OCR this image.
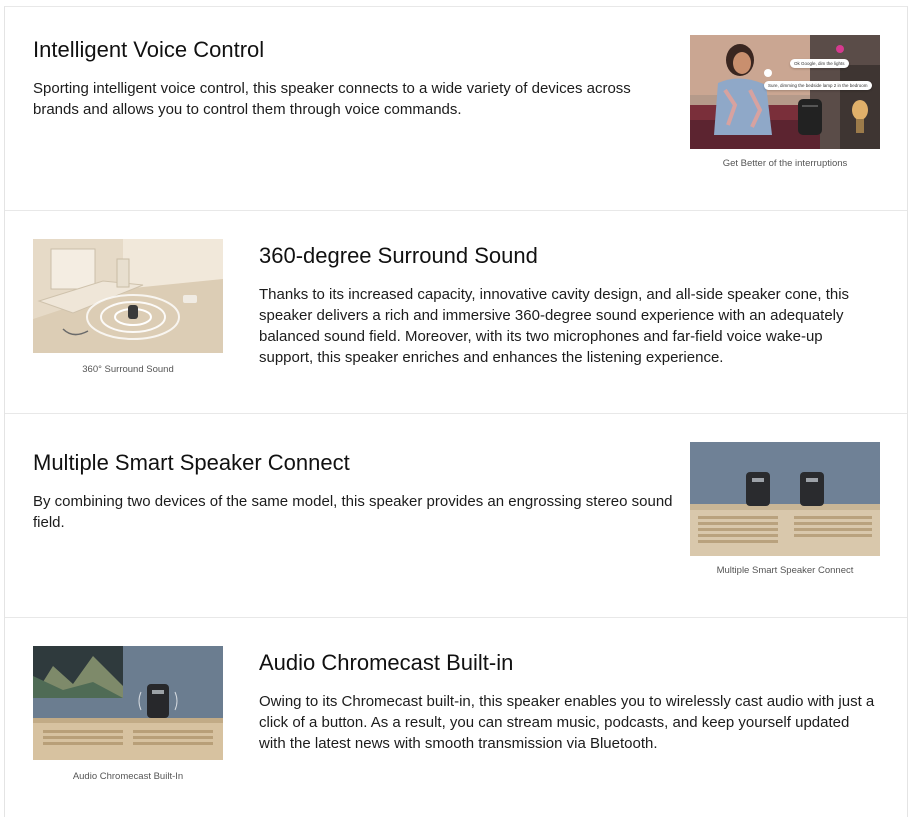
Intelligent Voice Control
Sporting intelligent voice control, this speaker connects to a wide variety of devices across brands and allows you to control them through voice commands.
Ok Google, dim the lights
Sure, dimming the bedside lamp 2 in the bedroom
Get Better of the interruptions
360° Surround Sound
360-degree Surround Sound
Thanks to its increased capacity, innovative cavity design, and all-side speaker cone, this speaker delivers a rich and immersive 360-degree sound experience with an adequately balanced sound field. Moreover, with its two microphones and far-field voice wake-up support, this speaker enriches and enhances the listening experience.
Multiple Smart Speaker Connect
By combining two devices of the same model, this speaker provides an engrossing stereo sound field.
Multiple Smart Speaker Connect
Audio Chromecast Built-In
Audio Chromecast Built-in
Owing to its Chromecast built-in, this speaker enables you to wirelessly cast audio with just a click of a button. As a result, you can stream music, podcasts, and keep yourself updated with the latest news with smooth transmission via Bluetooth.
